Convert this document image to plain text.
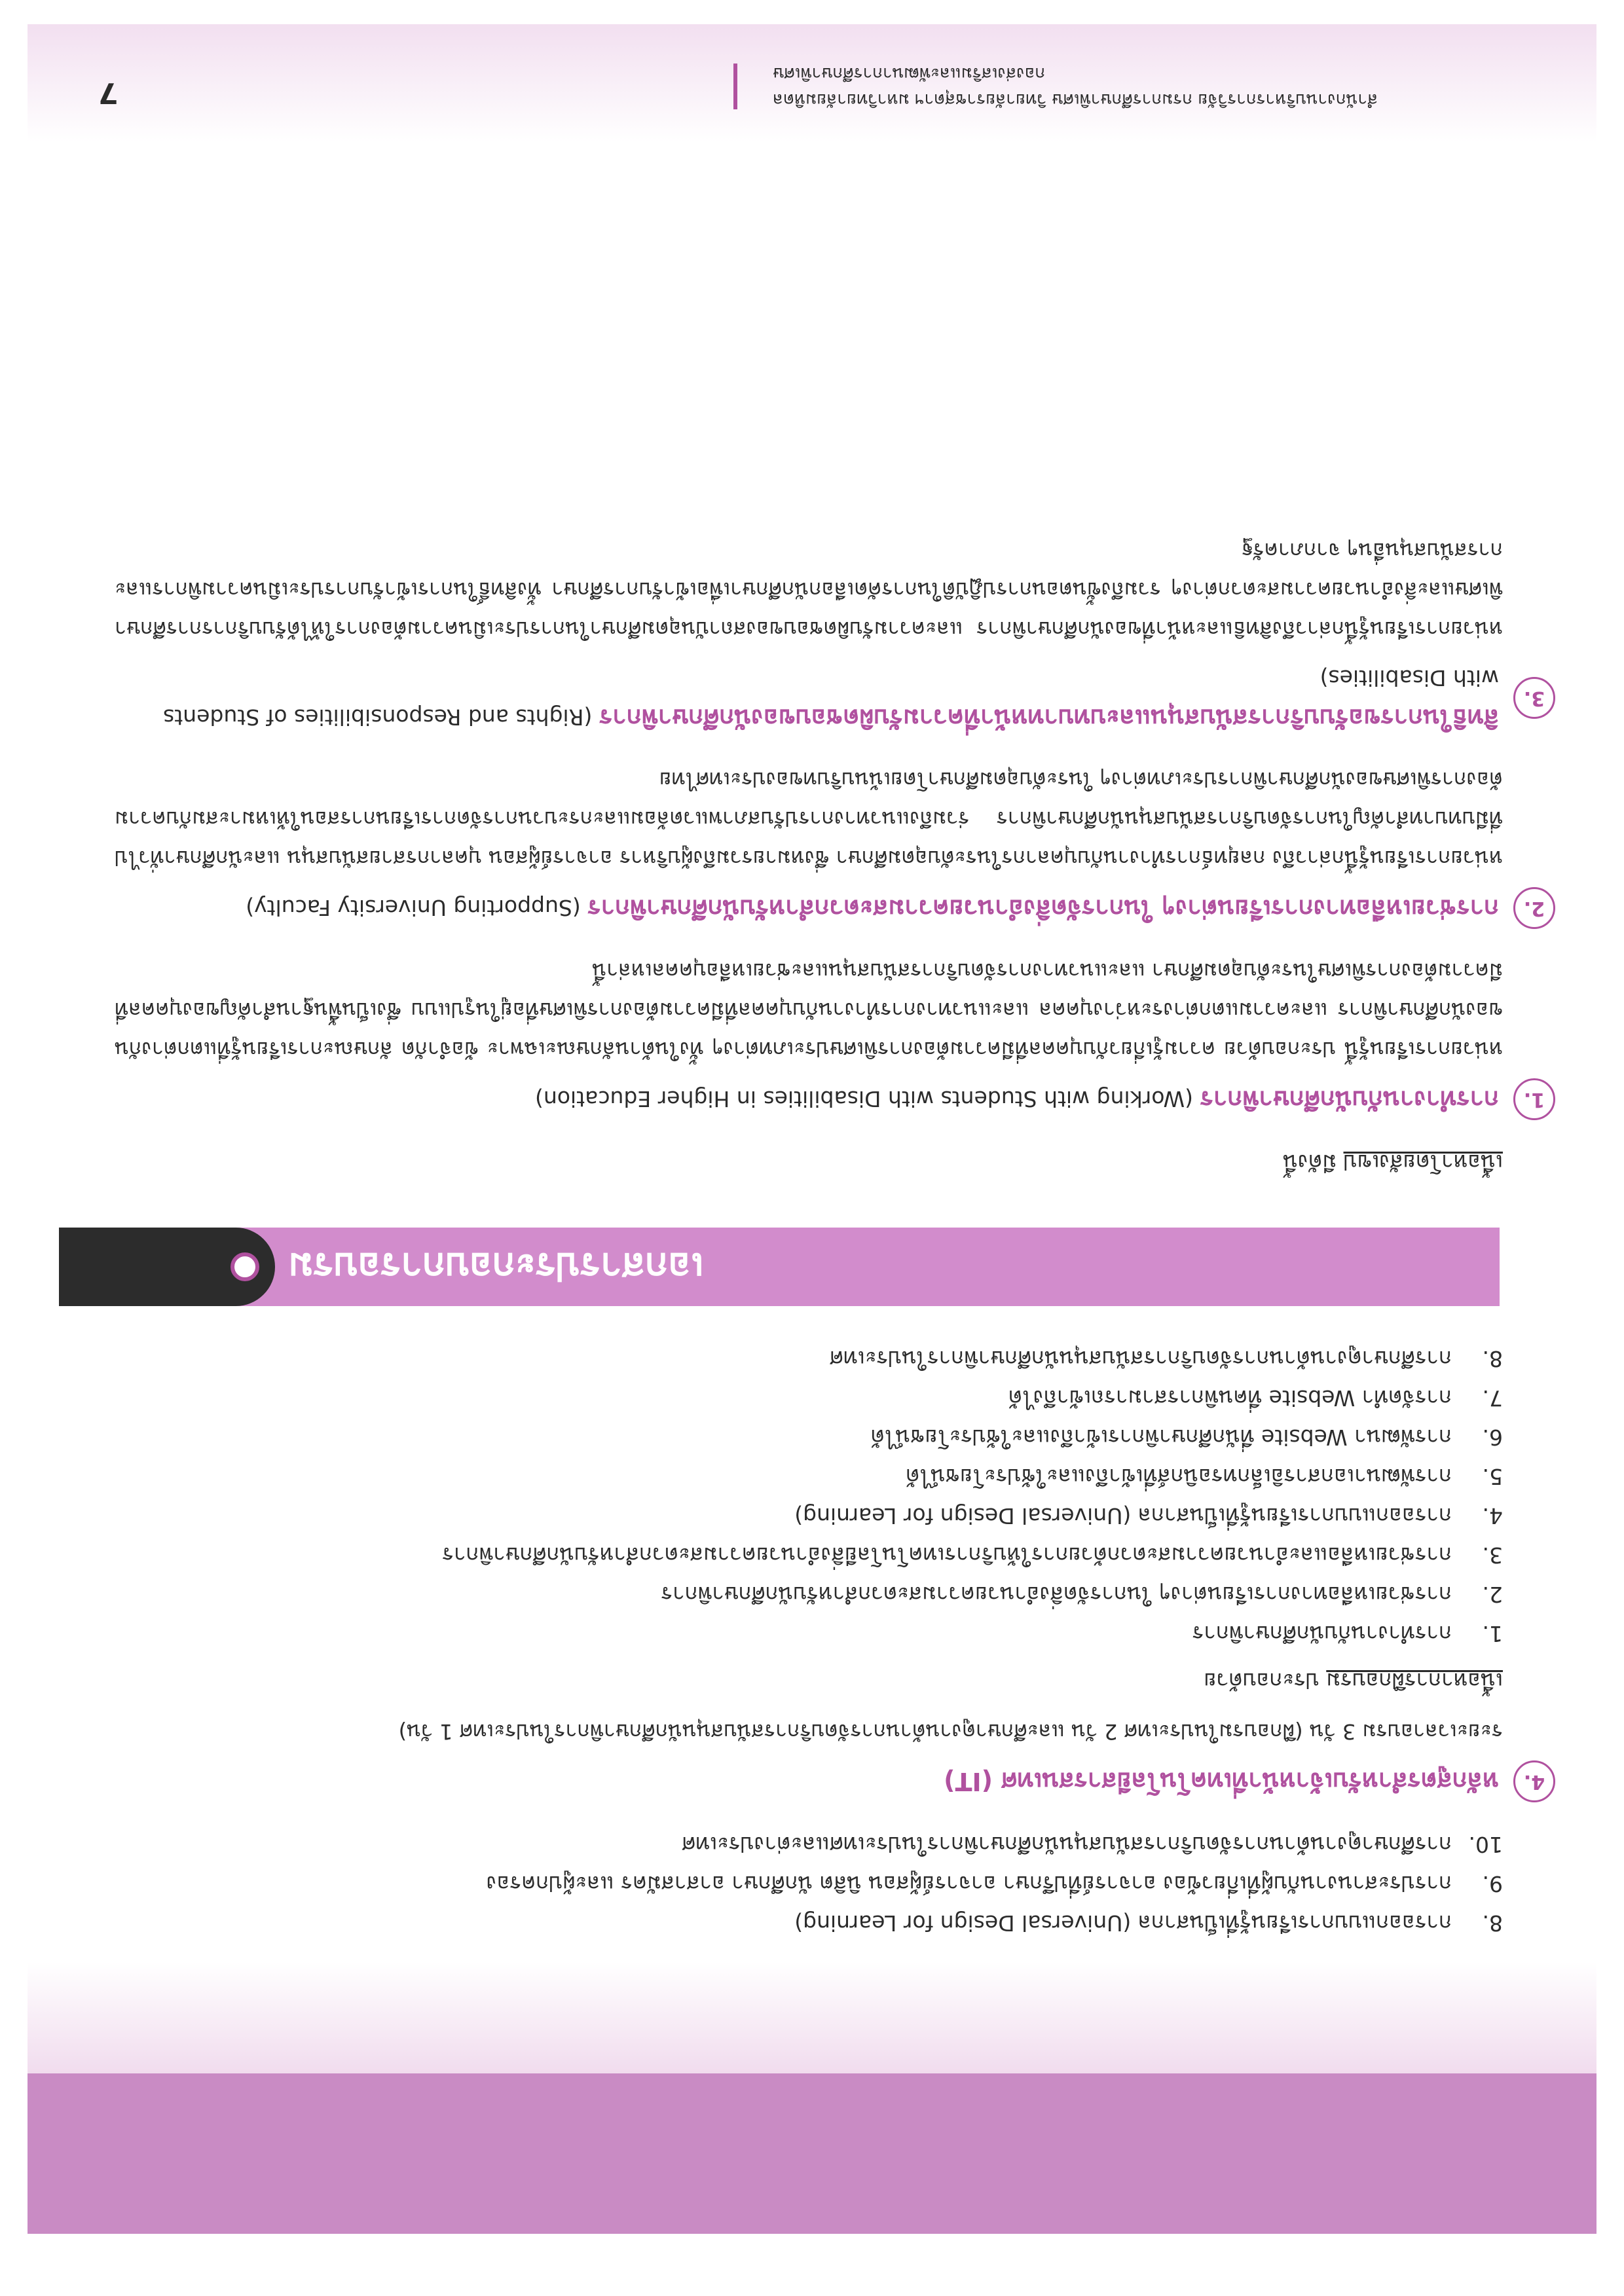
8.
การออกแบบการเรียนรู้ที่เป็นสากล (Universal Design for Learning)
9.
การประสานงานกับผู้ที่เกี่ยวข้อง อาจารย์ที่ปรึกษา อาจารย์ผู้สอน นิสิต นักศึกษา อาสาสมัคร และผู้ปกครอง
10.
การศึกษาดูงานด้านการจัดบริการสนับสนุนนักศึกษาพิการในประเทศและต่างประเทศ
4.
หลักสูตรสำหรับเจ้าหน้าที่เทคโนโลยีสารสนเทศ (IT)
ระยะเวลาอบรม 3 วัน (ฝึกอบรมในประเทศ 2 วัน และศึกษาดูงานด้านการจัดบริการสนับสนุนนักศึกษาพิการในประเทศ 1 วัน)
เนื้อหาการฝึกอบรม ประกอบด้วย
1.
การทำงานกับนักศึกษาพิการ
2.
การช่วยเหลือทางการเรียนต่างๆ ในการจัดสิ่งอำนวยความสะดวกสำหรับนักศึกษาพิการ
3.
การช่วยเหลือและอำนวยความสะดวกด้วยการให้บริการเทคโนโลยีสิ่งอำนวยความสะดวกสำหรับนักศึกษาพิการ
4.
การออกแบบการเรียนรู้ที่เป็นสากล (Universal Design for Learning)
5.
การพัฒนาเอกสารอิเล็กทรอนิกส์ที่เข้าถึงและใช้ประโยชน์ได้
6.
การพัฒนา Website ที่นักศึกษาพิการเข้าถึงและใช้ประโยชน์ได้
7.
การจัดทำ Website ที่คนพิการสามารถเข้าถึงได้
8.
การศึกษาดูงานด้านการจัดบริการสนับสนุนนักศึกษาพิการในประเทศ
เอกสารประกอบการอบรม
เนื้อหาโดยสังเขป มีดังนี้
1.
การทำงานกับนักศึกษาพิการ (Working with Students with Disabilities in Higher Education)

หน่วยการเรียนรู้นี้ ประกอบด้วย ความรู้เกี่ยวกับบุคคลที่มีความต้องการพิเศษประเภทต่างๆ ทั้งในด้านลักษณะเฉพาะ ข้อจำกัด ลักษณะการเรียนรู้ที่แตกต่างกันของนักศึกษาพิการ และความแตกต่างระหว่างบุคคล และแนวทางการทำงานกับบุคคลที่มีความต้องการพิเศษที่อยู่ในรูปแบบ ซึ่งเป็นพื้นฐานสำคัญของบุคคลที่มีความต้องการพิเศษในระดับอุดมศึกษา และแนวทางการจัดบริการสนับสนุนและช่วยเหลือบุคคลเหล่านี้

2.
การช่วยเหลือทางการเรียนต่างๆ ในการจัดสิ่งอำนวยความสะดวกสำหรับนักศึกษาพิการ (Supporting University Faculty)

หน่วยการเรียนรู้นี้กล่าวถึง กลยุทธ์การทำงานกับบุคลากรในระดับอุดมศึกษา ซึ่งหมายรวมถึงผู้บริหาร อาจารย์ผู้สอน บุคลากรสายสนับสนุน และนักศึกษาทั่วไป ที่มีบทบาทสำคัญในการจัดบริการสนับสนุนนักศึกษาพิการ ร่วมถึงแนวทางการปรับสภาพแวดล้อมและกระบวนการจัดการเรียนการสอนให้เหมาะสมกับความต้องการพิเศษของนักศึกษาพิการประเภทต่างๆ ในระดับอุดมศึกษาโดยเน้นบริบทของประเทศไทย

3.
สิทธิในการขอรับบริการสนับสนุนและบทบาทหน้าที่ความรับผิดชอบของนักศึกษาพิการ (Rights and Responsibilities of Students with Disabilities)

หน่วยการเรียนรู้นี้กล่าวถึงสิทธิและหน้าที่ของนักศึกษาพิการ และความรับผิดชอบของสถาบันอุดมศึกษาในการประเมินความต้องการให้ได้รับบริการการศึกษาพิเศษและสิ่งอำนวยความสะดวกต่างๆ รวมถึงขั้นตอนการปฏิบัติในการคัดเลือกนักศึกษาเพื่อเข้ารับการศึกษา ทั้งสิทธิ์ในการเข้ารับการประเมินความพิการและการสนับสนุนอื่นๆ จากภาครัฐ

สำนักงานบริหารการวิจัย กรมการศึกษาพิเศษ วิทยาลัยราชสุดาฯ มหาวิทยาลัยมหิดล
กองส่งเสริมและพัฒนาการศึกษาพิเศษ
7
